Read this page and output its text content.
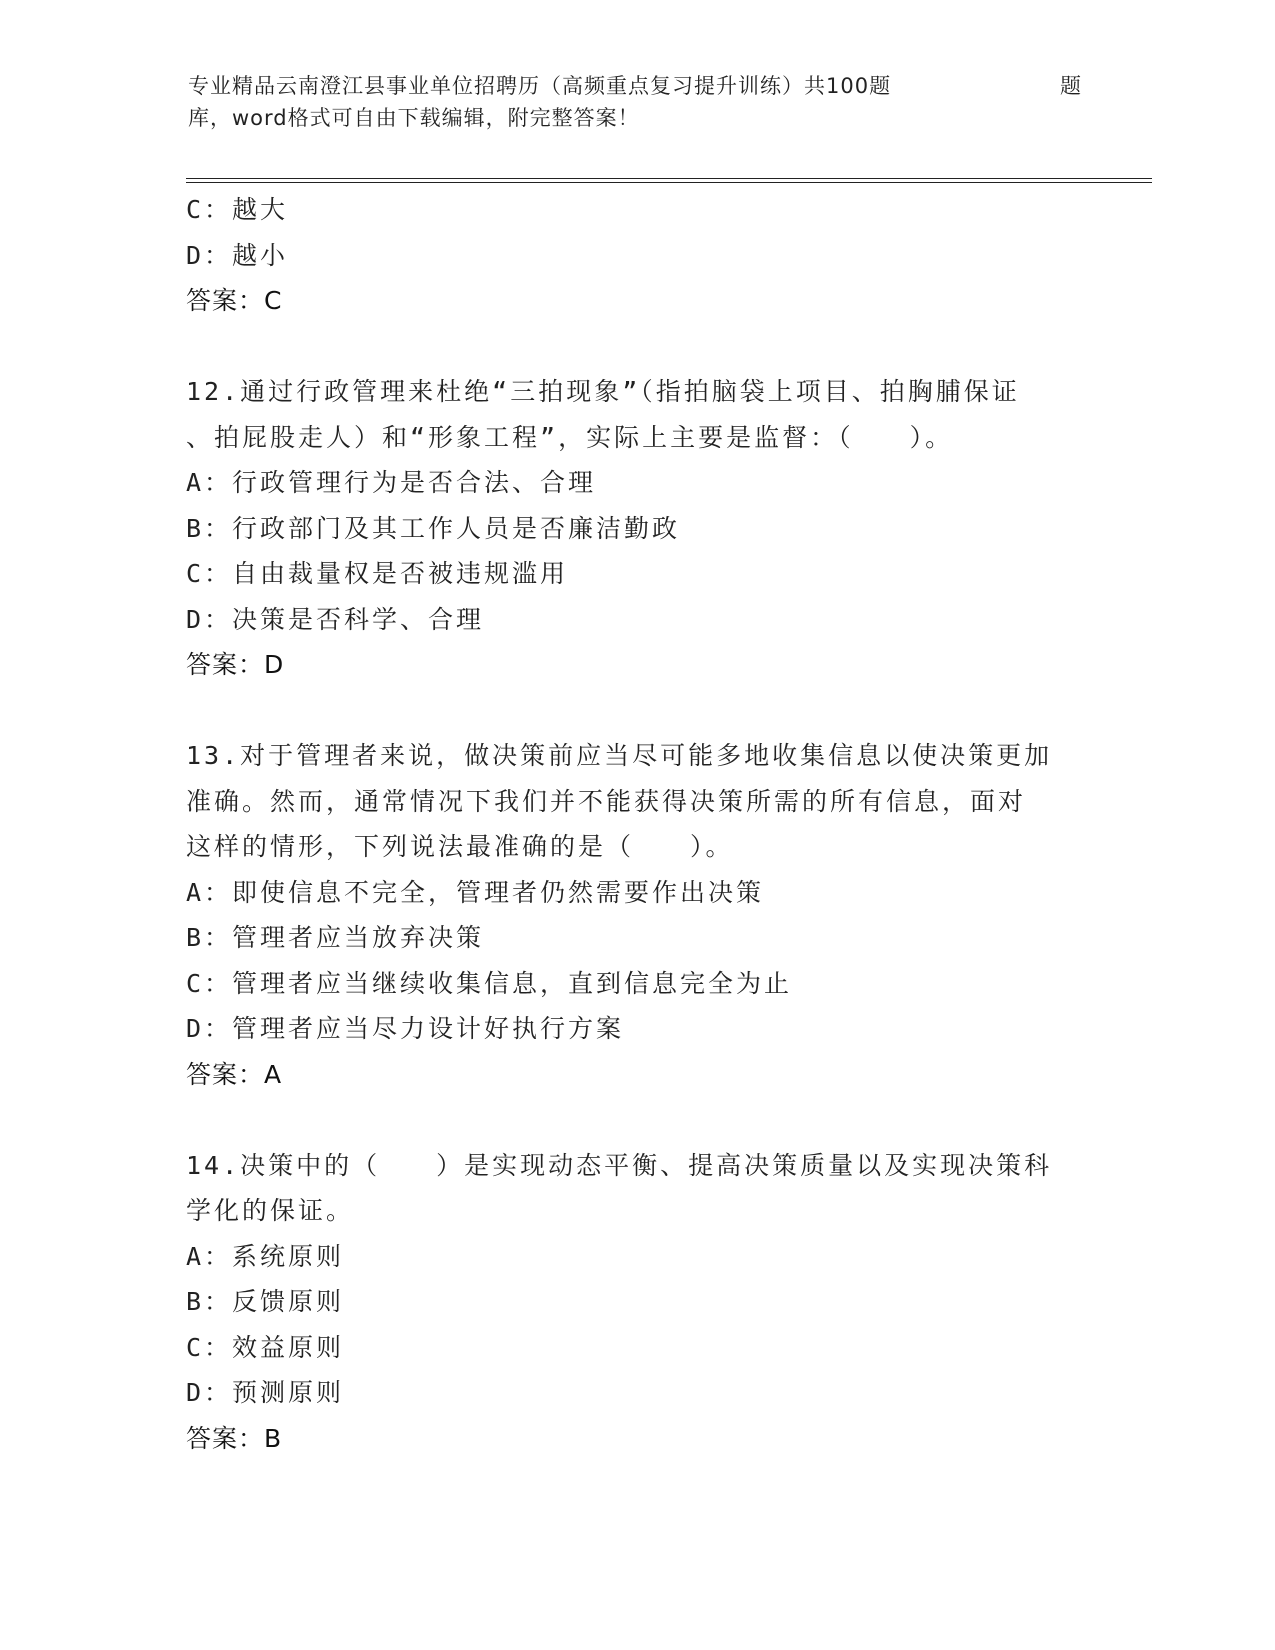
专业精品云南澄江县事业单位招聘历（高频重点复习提升训练）共100题	题
库，word格式可自由下载编辑，附完整答案！
C：越大
D：越小
答案：C
12.通过行政管理来杜绝“三拍现象”（指拍脑袋上项目、拍胸脯保证
、拍屁股走人）和“形象工程”，实际上主要是监督：（　　）。
A：行政管理行为是否合法、合理
B：行政部门及其工作人员是否廉洁勤政
C：自由裁量权是否被违规滥用
D：决策是否科学、合理
答案：D
13.对于管理者来说，做决策前应当尽可能多地收集信息以使决策更加
准确。然而，通常情况下我们并不能获得决策所需的所有信息，面对
这样的情形，下列说法最准确的是（　　）。
A：即使信息不完全，管理者仍然需要作出决策
B：管理者应当放弃决策
C：管理者应当继续收集信息，直到信息完全为止
D：管理者应当尽力设计好执行方案
答案：A
14.决策中的（　　）是实现动态平衡、提高决策质量以及实现决策科
学化的保证。
A：系统原则
B：反馈原则
C：效益原则
D：预测原则
答案：B
